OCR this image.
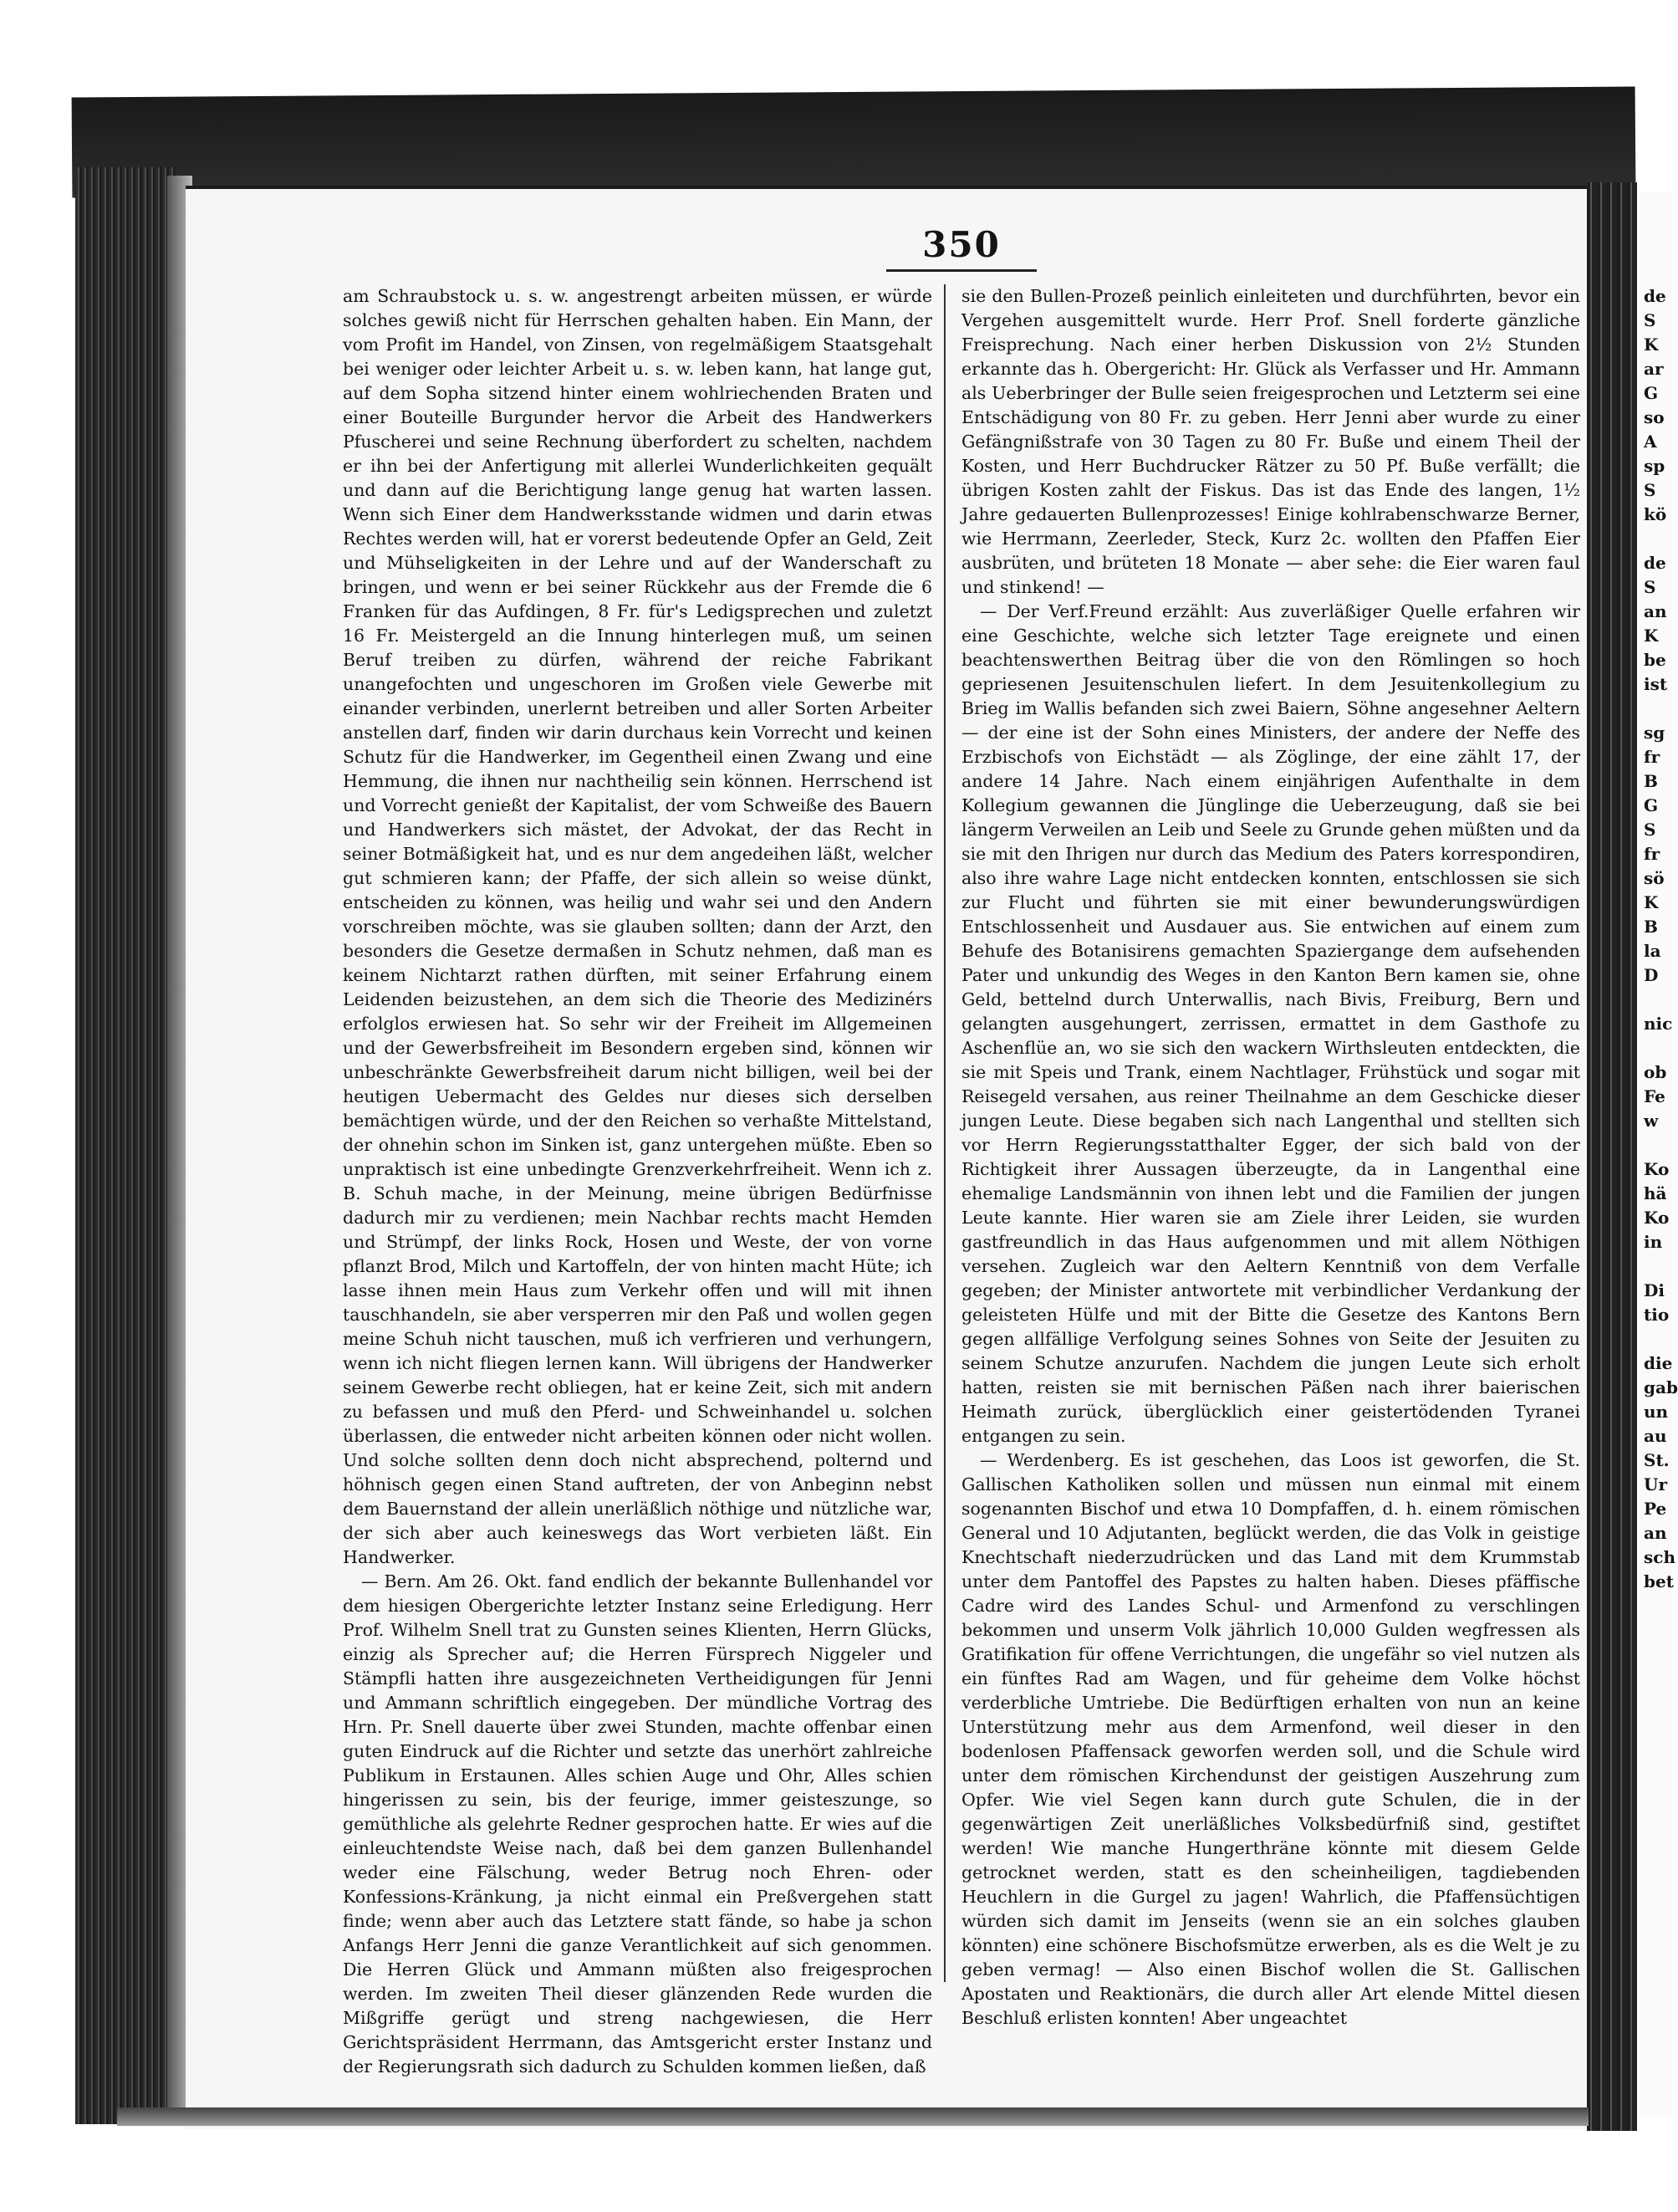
350

am Schraubstock u. s. w. angestrengt arbeiten müssen, er würde solches gewiß nicht für Herrschen gehalten haben. Ein Mann, der vom Profit im Handel, von Zinsen, von regelmäßigem Staatsgehalt bei weniger oder leichter Arbeit u. s. w. leben kann, hat lange gut, auf dem Sopha sitzend hinter einem wohlriechenden Braten und einer Bouteille Burgunder hervor die Arbeit des Handwerkers Pfuscherei und seine Rechnung überfordert zu schelten, nachdem er ihn bei der Anfertigung mit allerlei Wunderlichkeiten gequält und dann auf die Berichtigung lange genug hat warten lassen. Wenn sich Einer dem Handwerksstande widmen und darin etwas Rechtes werden will, hat er vorerst bedeutende Opfer an Geld, Zeit und Mühseligkeiten in der Lehre und auf der Wanderschaft zu bringen, und wenn er bei seiner Rückkehr aus der Fremde die 6 Franken für das Aufdingen, 8 Fr. für's Ledigsprechen und zuletzt 16 Fr. Meistergeld an die Innung hinterlegen muß, um seinen Beruf treiben zu dürfen, während der reiche Fabrikant unangefochten und ungeschoren im Großen viele Gewerbe mit einander verbinden, unerlernt betreiben und aller Sorten Arbeiter anstellen darf, finden wir darin durchaus kein Vorrecht und keinen Schutz für die Handwerker, im Gegentheil einen Zwang und eine Hemmung, die ihnen nur nachtheilig sein können. Herrschend ist und Vorrecht genießt der Kapitalist, der vom Schweiße des Bauern und Handwerkers sich mästet, der Advokat, der das Recht in seiner Botmäßigkeit hat, und es nur dem angedeihen läßt, welcher gut schmieren kann; der Pfaffe, der sich allein so weise dünkt, entscheiden zu können, was heilig und wahr sei und den Andern vorschreiben möchte, was sie glauben sollten; dann der Arzt, den besonders die Gesetze dermaßen in Schutz nehmen, daß man es keinem Nichtarzt rathen dürften, mit seiner Erfahrung einem Leidenden beizustehen, an dem sich die Theorie des Medizinérs erfolglos erwiesen hat. So sehr wir der Freiheit im Allgemeinen und der Gewerbsfreiheit im Besondern ergeben sind, können wir unbeschränkte Gewerbsfreiheit darum nicht billigen, weil bei der heutigen Uebermacht des Geldes nur dieses sich derselben bemächtigen würde, und der den Reichen so verhaßte Mittelstand, der ohnehin schon im Sinken ist, ganz untergehen müßte. Eben so unpraktisch ist eine unbedingte Grenzverkehrfreiheit. Wenn ich z. B. Schuh mache, in der Meinung, meine übrigen Bedürfnisse dadurch mir zu verdienen; mein Nachbar rechts macht Hemden und Strümpf, der links Rock, Hosen und Weste, der von vorne pflanzt Brod, Milch und Kartoffeln, der von hinten macht Hüte; ich lasse ihnen mein Haus zum Verkehr offen und will mit ihnen tauschhandeln, sie aber versperren mir den Paß und wollen gegen meine Schuh nicht tauschen, muß ich verfrieren und verhungern, wenn ich nicht fliegen lernen kann. Will übrigens der Handwerker seinem Gewerbe recht obliegen, hat er keine Zeit, sich mit andern zu befassen und muß den Pferd- und Schweinhandel u. solchen überlassen, die entweder nicht arbeiten können oder nicht wollen. Und solche sollten denn doch nicht absprechend, polternd und höhnisch gegen einen Stand auftreten, der von Anbeginn nebst dem Bauernstand der allein unerläßlich nöthige und nützliche war, der sich aber auch keineswegs das Wort verbieten läßt. Ein Handwerker.

— Bern. Am 26. Okt. fand endlich der bekannte Bullenhandel vor dem hiesigen Obergerichte letzter Instanz seine Erledigung. Herr Prof. Wilhelm Snell trat zu Gunsten seines Klienten, Herrn Glücks, einzig als Sprecher auf; die Herren Fürsprech Niggeler und Stämpfli hatten ihre ausgezeichneten Vertheidigungen für Jenni und Ammann schriftlich eingegeben. Der mündliche Vortrag des Hrn. Pr. Snell dauerte über zwei Stunden, machte offenbar einen guten Eindruck auf die Richter und setzte das unerhört zahlreiche Publikum in Erstaunen. Alles schien Auge und Ohr, Alles schien hingerissen zu sein, bis der feurige, immer geisteszunge, so gemüthliche als gelehrte Redner gesprochen hatte. Er wies auf die einleuchtendste Weise nach, daß bei dem ganzen Bullenhandel weder eine Fälschung, weder Betrug noch Ehren- oder Konfessions-Kränkung, ja nicht einmal ein Preßvergehen statt finde; wenn aber auch das Letztere statt fände, so habe ja schon Anfangs Herr Jenni die ganze Verantlichkeit auf sich genommen. Die Herren Glück und Ammann müßten also freigesprochen werden. Im zweiten Theil dieser glänzenden Rede wurden die Mißgriffe gerügt und streng nachgewiesen, die Herr Gerichtspräsident Herrmann, das Amtsgericht erster Instanz und der Regierungsrath sich dadurch zu Schulden kommen ließen, daß

sie den Bullen-Prozeß peinlich einleiteten und durchführten, bevor ein Vergehen ausgemittelt wurde. Herr Prof. Snell forderte gänzliche Freisprechung. Nach einer herben Diskussion von 2½ Stunden erkannte das h. Obergericht: Hr. Glück als Verfasser und Hr. Ammann als Ueberbringer der Bulle seien freigesprochen und Letzterm sei eine Entschädigung von 80 Fr. zu geben. Herr Jenni aber wurde zu einer Gefängnißstrafe von 30 Tagen zu 80 Fr. Buße und einem Theil der Kosten, und Herr Buchdrucker Rätzer zu 50 Pf. Buße verfällt; die übrigen Kosten zahlt der Fiskus. Das ist das Ende des langen, 1½ Jahre gedauerten Bullenprozesses! Einige kohlrabenschwarze Berner, wie Herrmann, Zeerleder, Steck, Kurz 2c. wollten den Pfaffen Eier ausbrüten, und brüteten 18 Monate — aber sehe: die Eier waren faul und stinkend! —

— Der Verf.Freund erzählt: Aus zuverläßiger Quelle erfahren wir eine Geschichte, welche sich letzter Tage ereignete und einen beachtenswerthen Beitrag über die von den Römlingen so hoch gepriesenen Jesuitenschulen liefert. In dem Jesuitenkollegium zu Brieg im Wallis befanden sich zwei Baiern, Söhne angesehner Aeltern — der eine ist der Sohn eines Ministers, der andere der Neffe des Erzbischofs von Eichstädt — als Zöglinge, der eine zählt 17, der andere 14 Jahre. Nach einem einjährigen Aufenthalte in dem Kollegium gewannen die Jünglinge die Ueberzeugung, daß sie bei längerm Verweilen an Leib und Seele zu Grunde gehen müßten und da sie mit den Ihrigen nur durch das Medium des Paters korrespondiren, also ihre wahre Lage nicht entdecken konnten, entschlossen sie sich zur Flucht und führten sie mit einer bewunderungswürdigen Entschlossenheit und Ausdauer aus. Sie entwichen auf einem zum Behufe des Botanisirens gemachten Spaziergange dem aufsehenden Pater und unkundig des Weges in den Kanton Bern kamen sie, ohne Geld, bettelnd durch Unterwallis, nach Bivis, Freiburg, Bern und gelangten ausgehungert, zerrissen, ermattet in dem Gasthofe zu Aschenflüe an, wo sie sich den wackern Wirthsleuten entdeckten, die sie mit Speis und Trank, einem Nachtlager, Frühstück und sogar mit Reisegeld versahen, aus reiner Theilnahme an dem Geschicke dieser jungen Leute. Diese begaben sich nach Langenthal und stellten sich vor Herrn Regierungsstatthalter Egger, der sich bald von der Richtigkeit ihrer Aussagen überzeugte, da in Langenthal eine ehemalige Landsmännin von ihnen lebt und die Familien der jungen Leute kannte. Hier waren sie am Ziele ihrer Leiden, sie wurden gastfreundlich in das Haus aufgenommen und mit allem Nöthigen versehen. Zugleich war den Aeltern Kenntniß von dem Verfalle gegeben; der Minister antwortete mit verbindlicher Verdankung der geleisteten Hülfe und mit der Bitte die Gesetze des Kantons Bern gegen allfällige Verfolgung seines Sohnes von Seite der Jesuiten zu seinem Schutze anzurufen. Nachdem die jungen Leute sich erholt hatten, reisten sie mit bernischen Päßen nach ihrer baierischen Heimath zurück, überglücklich einer geistertödenden Tyranei entgangen zu sein.

— Werdenberg. Es ist geschehen, das Loos ist geworfen, die St. Gallischen Katholiken sollen und müssen nun einmal mit einem sogenannten Bischof und etwa 10 Dompfaffen, d. h. einem römischen General und 10 Adjutanten, beglückt werden, die das Volk in geistige Knechtschaft niederzudrücken und das Land mit dem Krummstab unter dem Pantoffel des Papstes zu halten haben. Dieses pfäffische Cadre wird des Landes Schul- und Armenfond zu verschlingen bekommen und unserm Volk jährlich 10,000 Gulden wegfressen als Gratifikation für offene Verrichtungen, die ungefähr so viel nutzen als ein fünftes Rad am Wagen, und für geheime dem Volke höchst verderbliche Umtriebe. Die Bedürftigen erhalten von nun an keine Unterstützung mehr aus dem Armenfond, weil dieser in den bodenlosen Pfaffensack geworfen werden soll, und die Schule wird unter dem römischen Kirchendunst der geistigen Auszehrung zum Opfer. Wie viel Segen kann durch gute Schulen, die in der gegenwärtigen Zeit unerläßliches Volksbedürfniß sind, gestiftet werden! Wie manche Hungerthräne könnte mit diesem Gelde getrocknet werden, statt es den scheinheiligen, tagdiebenden Heuchlern in die Gurgel zu jagen! Wahrlich, die Pfaffensüchtigen würden sich damit im Jenseits (wenn sie an ein solches glauben könnten) eine schönere Bischofsmütze erwerben, als es die Welt je zu geben vermag! — Also einen Bischof wollen die St. Gallischen Apostaten und Reaktionärs, die durch aller Art elende Mittel diesen Beschluß erlisten konnten! Aber ungeachtet

de
S
K
ar
G
so
A
sp
S
kö

de
S
an
K
be
ist

sg
fr
B
G
S
fr
sö
K
B
la
D

nic

ob
Fe
w

Ko
hä
Ko
in

Di
tio

die
gab
un
au
St.
Ur
Pe
an
sch
bet
